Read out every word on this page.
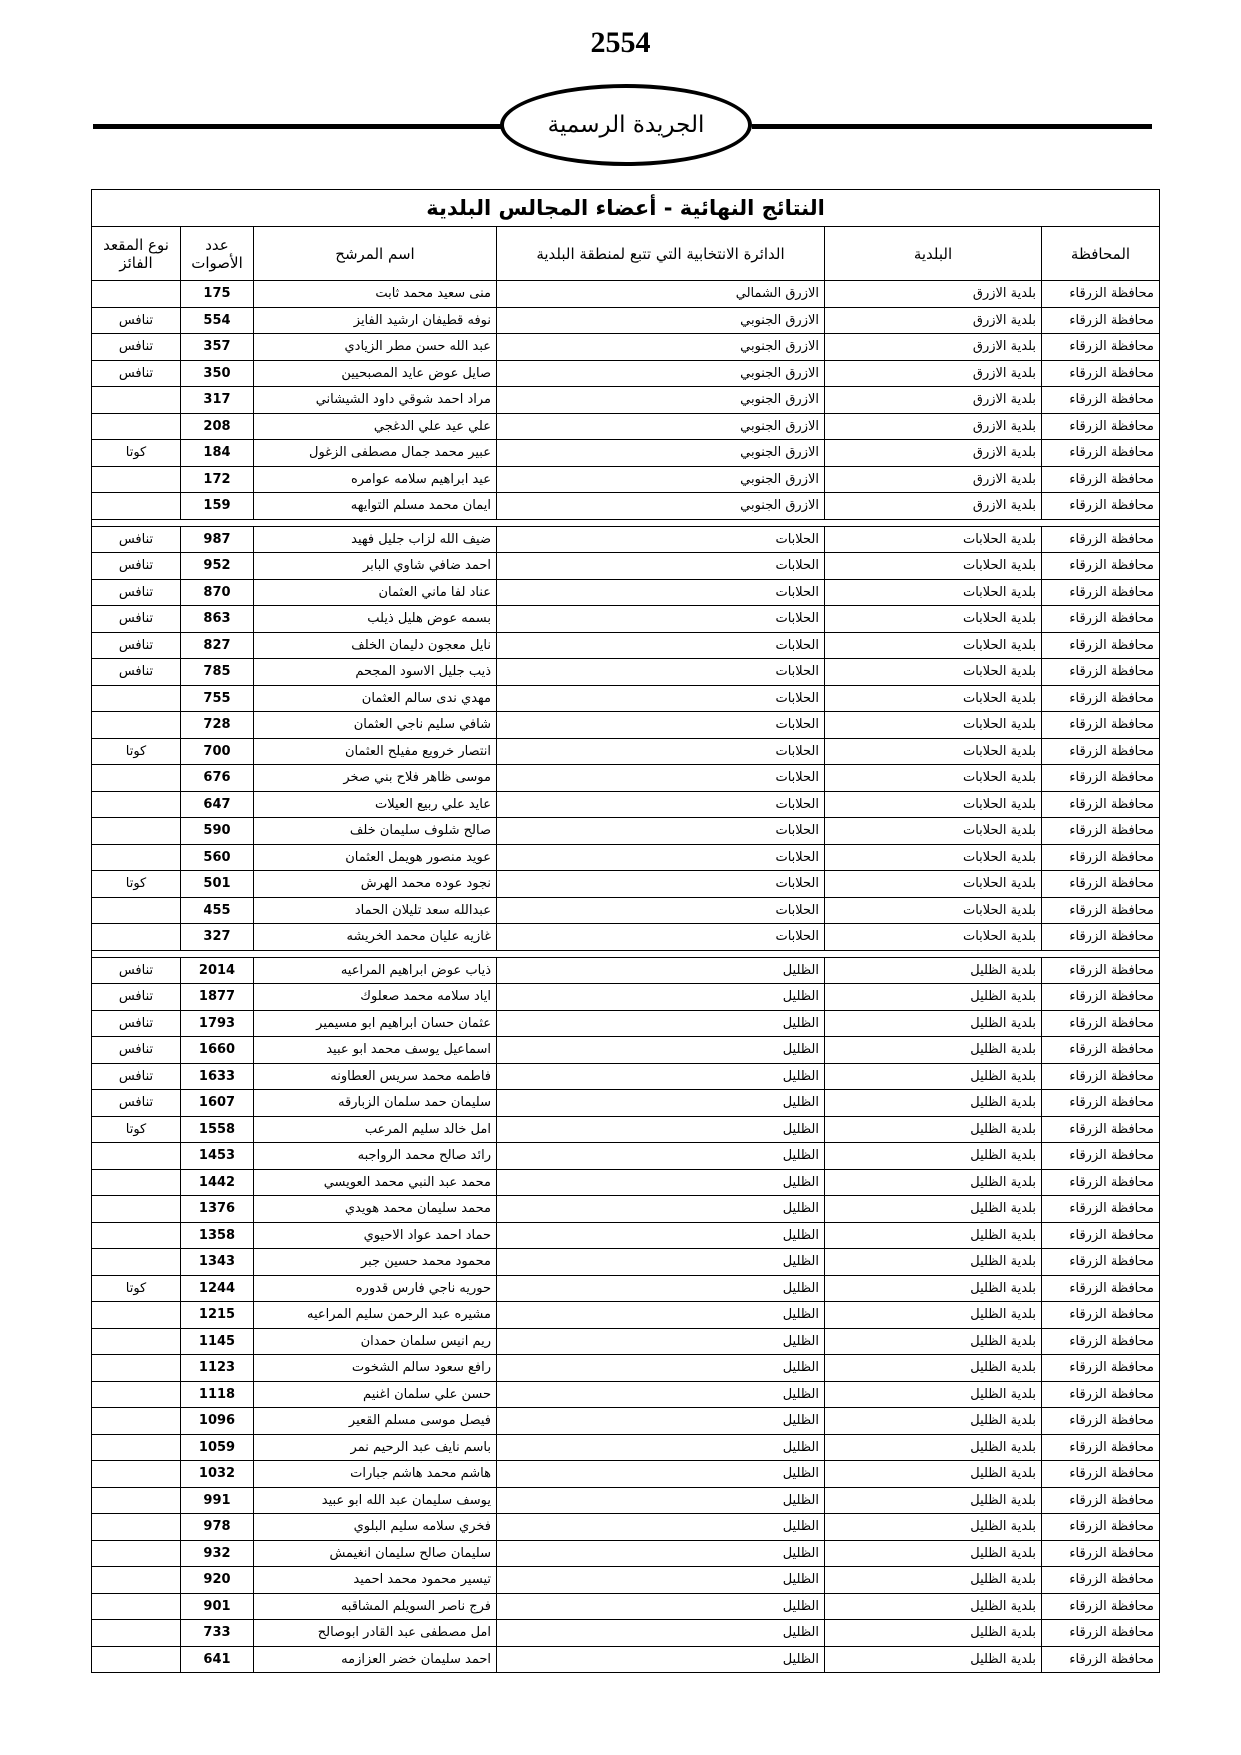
2554
الجريدة الرسمية
النتائج النهائية - أعضاء المجالس البلدية					
المحافظة	البلدية	الدائرة الانتخابية التي تتبع لمنطقة البلدية	اسم المرشح	عدد الأصوات	نوع المقعد الفائز
محافظة الزرقاء	بلدية الازرق	الازرق الشمالي	منى سعيد محمد ثابت	175	
محافظة الزرقاء	بلدية الازرق	الازرق الجنوبي	نوفه قطيفان ارشيد الفايز	554	تنافس
محافظة الزرقاء	بلدية الازرق	الازرق الجنوبي	عبد الله حسن مطر الزيادي	357	تنافس
محافظة الزرقاء	بلدية الازرق	الازرق الجنوبي	صايل عوض عايد المصبحيين	350	تنافس
محافظة الزرقاء	بلدية الازرق	الازرق الجنوبي	مراد احمد شوقي داود الشيشاني	317	
محافظة الزرقاء	بلدية الازرق	الازرق الجنوبي	علي عيد علي الدغجي	208	
محافظة الزرقاء	بلدية الازرق	الازرق الجنوبي	عبير محمد جمال مصطفى الزغول	184	كوتا
محافظة الزرقاء	بلدية الازرق	الازرق الجنوبي	عيد ابراهيم سلامه عوامره	172	
محافظة الزرقاء	بلدية الازرق	الازرق الجنوبي	ايمان محمد مسلم التوايهه	159	

محافظة الزرقاء	بلدية الحلابات	الحلابات	ضيف الله لزاب جليل فهيد	987	تنافس
محافظة الزرقاء	بلدية الحلابات	الحلابات	احمد ضافي شاوي البابر	952	تنافس
محافظة الزرقاء	بلدية الحلابات	الحلابات	عناد لفا ماني العثمان	870	تنافس
محافظة الزرقاء	بلدية الحلابات	الحلابات	بسمه عوض هليل ذيلب	863	تنافس
محافظة الزرقاء	بلدية الحلابات	الحلابات	نايل معجون دليمان الخلف	827	تنافس
محافظة الزرقاء	بلدية الحلابات	الحلابات	ذيب جليل الاسود المجحم	785	تنافس
محافظة الزرقاء	بلدية الحلابات	الحلابات	مهدي ندى سالم العثمان	755	
محافظة الزرقاء	بلدية الحلابات	الحلابات	شافي سليم ناجي العثمان	728	
محافظة الزرقاء	بلدية الحلابات	الحلابات	انتصار خرويع مفيلح العثمان	700	كوتا
محافظة الزرقاء	بلدية الحلابات	الحلابات	موسى ظاهر فلاح بني صخر	676	
محافظة الزرقاء	بلدية الحلابات	الحلابات	عايد علي ربيع العيلات	647	
محافظة الزرقاء	بلدية الحلابات	الحلابات	صالح شلوف سليمان خلف	590	
محافظة الزرقاء	بلدية الحلابات	الحلابات	عويد منصور هويمل العثمان	560	
محافظة الزرقاء	بلدية الحلابات	الحلابات	نجود عوده محمد الهرش	501	كوتا
محافظة الزرقاء	بلدية الحلابات	الحلابات	عبدالله سعد تليلان الحماد	455	
محافظة الزرقاء	بلدية الحلابات	الحلابات	غازيه عليان محمد الخريشه	327	

محافظة الزرقاء	بلدية الظليل	الظليل	ذياب عوض ابراهيم المراعيه	2014	تنافس
محافظة الزرقاء	بلدية الظليل	الظليل	اياد سلامه محمد صعلوك	1877	تنافس
محافظة الزرقاء	بلدية الظليل	الظليل	عثمان حسان ابراهيم ابو مسيمير	1793	تنافس
محافظة الزرقاء	بلدية الظليل	الظليل	اسماعيل يوسف محمد ابو عبيد	1660	تنافس
محافظة الزرقاء	بلدية الظليل	الظليل	فاطمه محمد سريس العطاونه	1633	تنافس
محافظة الزرقاء	بلدية الظليل	الظليل	سليمان حمد سلمان الزبارقه	1607	تنافس
محافظة الزرقاء	بلدية الظليل	الظليل	امل خالد سليم المرعب	1558	كوتا
محافظة الزرقاء	بلدية الظليل	الظليل	رائد صالح محمد الرواجبه	1453	
محافظة الزرقاء	بلدية الظليل	الظليل	محمد عبد النبي محمد العويسي	1442	
محافظة الزرقاء	بلدية الظليل	الظليل	محمد سليمان محمد هويدي	1376	
محافظة الزرقاء	بلدية الظليل	الظليل	حماد احمد عواد الاحيوي	1358	
محافظة الزرقاء	بلدية الظليل	الظليل	محمود محمد حسين جبر	1343	
محافظة الزرقاء	بلدية الظليل	الظليل	حوريه ناجي فارس قدوره	1244	كوتا
محافظة الزرقاء	بلدية الظليل	الظليل	مشيره عبد الرحمن سليم المراعيه	1215	
محافظة الزرقاء	بلدية الظليل	الظليل	ريم انيس سلمان حمدان	1145	
محافظة الزرقاء	بلدية الظليل	الظليل	رافع سعود سالم الشخوت	1123	
محافظة الزرقاء	بلدية الظليل	الظليل	حسن علي سلمان اغنيم	1118	
محافظة الزرقاء	بلدية الظليل	الظليل	فيصل موسى مسلم القعير	1096	
محافظة الزرقاء	بلدية الظليل	الظليل	باسم نايف عبد الرحيم نمر	1059	
محافظة الزرقاء	بلدية الظليل	الظليل	هاشم محمد هاشم جبارات	1032	
محافظة الزرقاء	بلدية الظليل	الظليل	يوسف سليمان عبد الله ابو عبيد	991	
محافظة الزرقاء	بلدية الظليل	الظليل	فخري سلامه سليم البلوي	978	
محافظة الزرقاء	بلدية الظليل	الظليل	سليمان صالح سليمان انغيمش	932	
محافظة الزرقاء	بلدية الظليل	الظليل	تيسير محمود محمد احميد	920	
محافظة الزرقاء	بلدية الظليل	الظليل	فرج ناصر السويلم المشاقبه	901	
محافظة الزرقاء	بلدية الظليل	الظليل	امل مصطفى عبد القادر ابوصالح	733	
محافظة الزرقاء	بلدية الظليل	الظليل	احمد سليمان خضر العزازمه	641	
